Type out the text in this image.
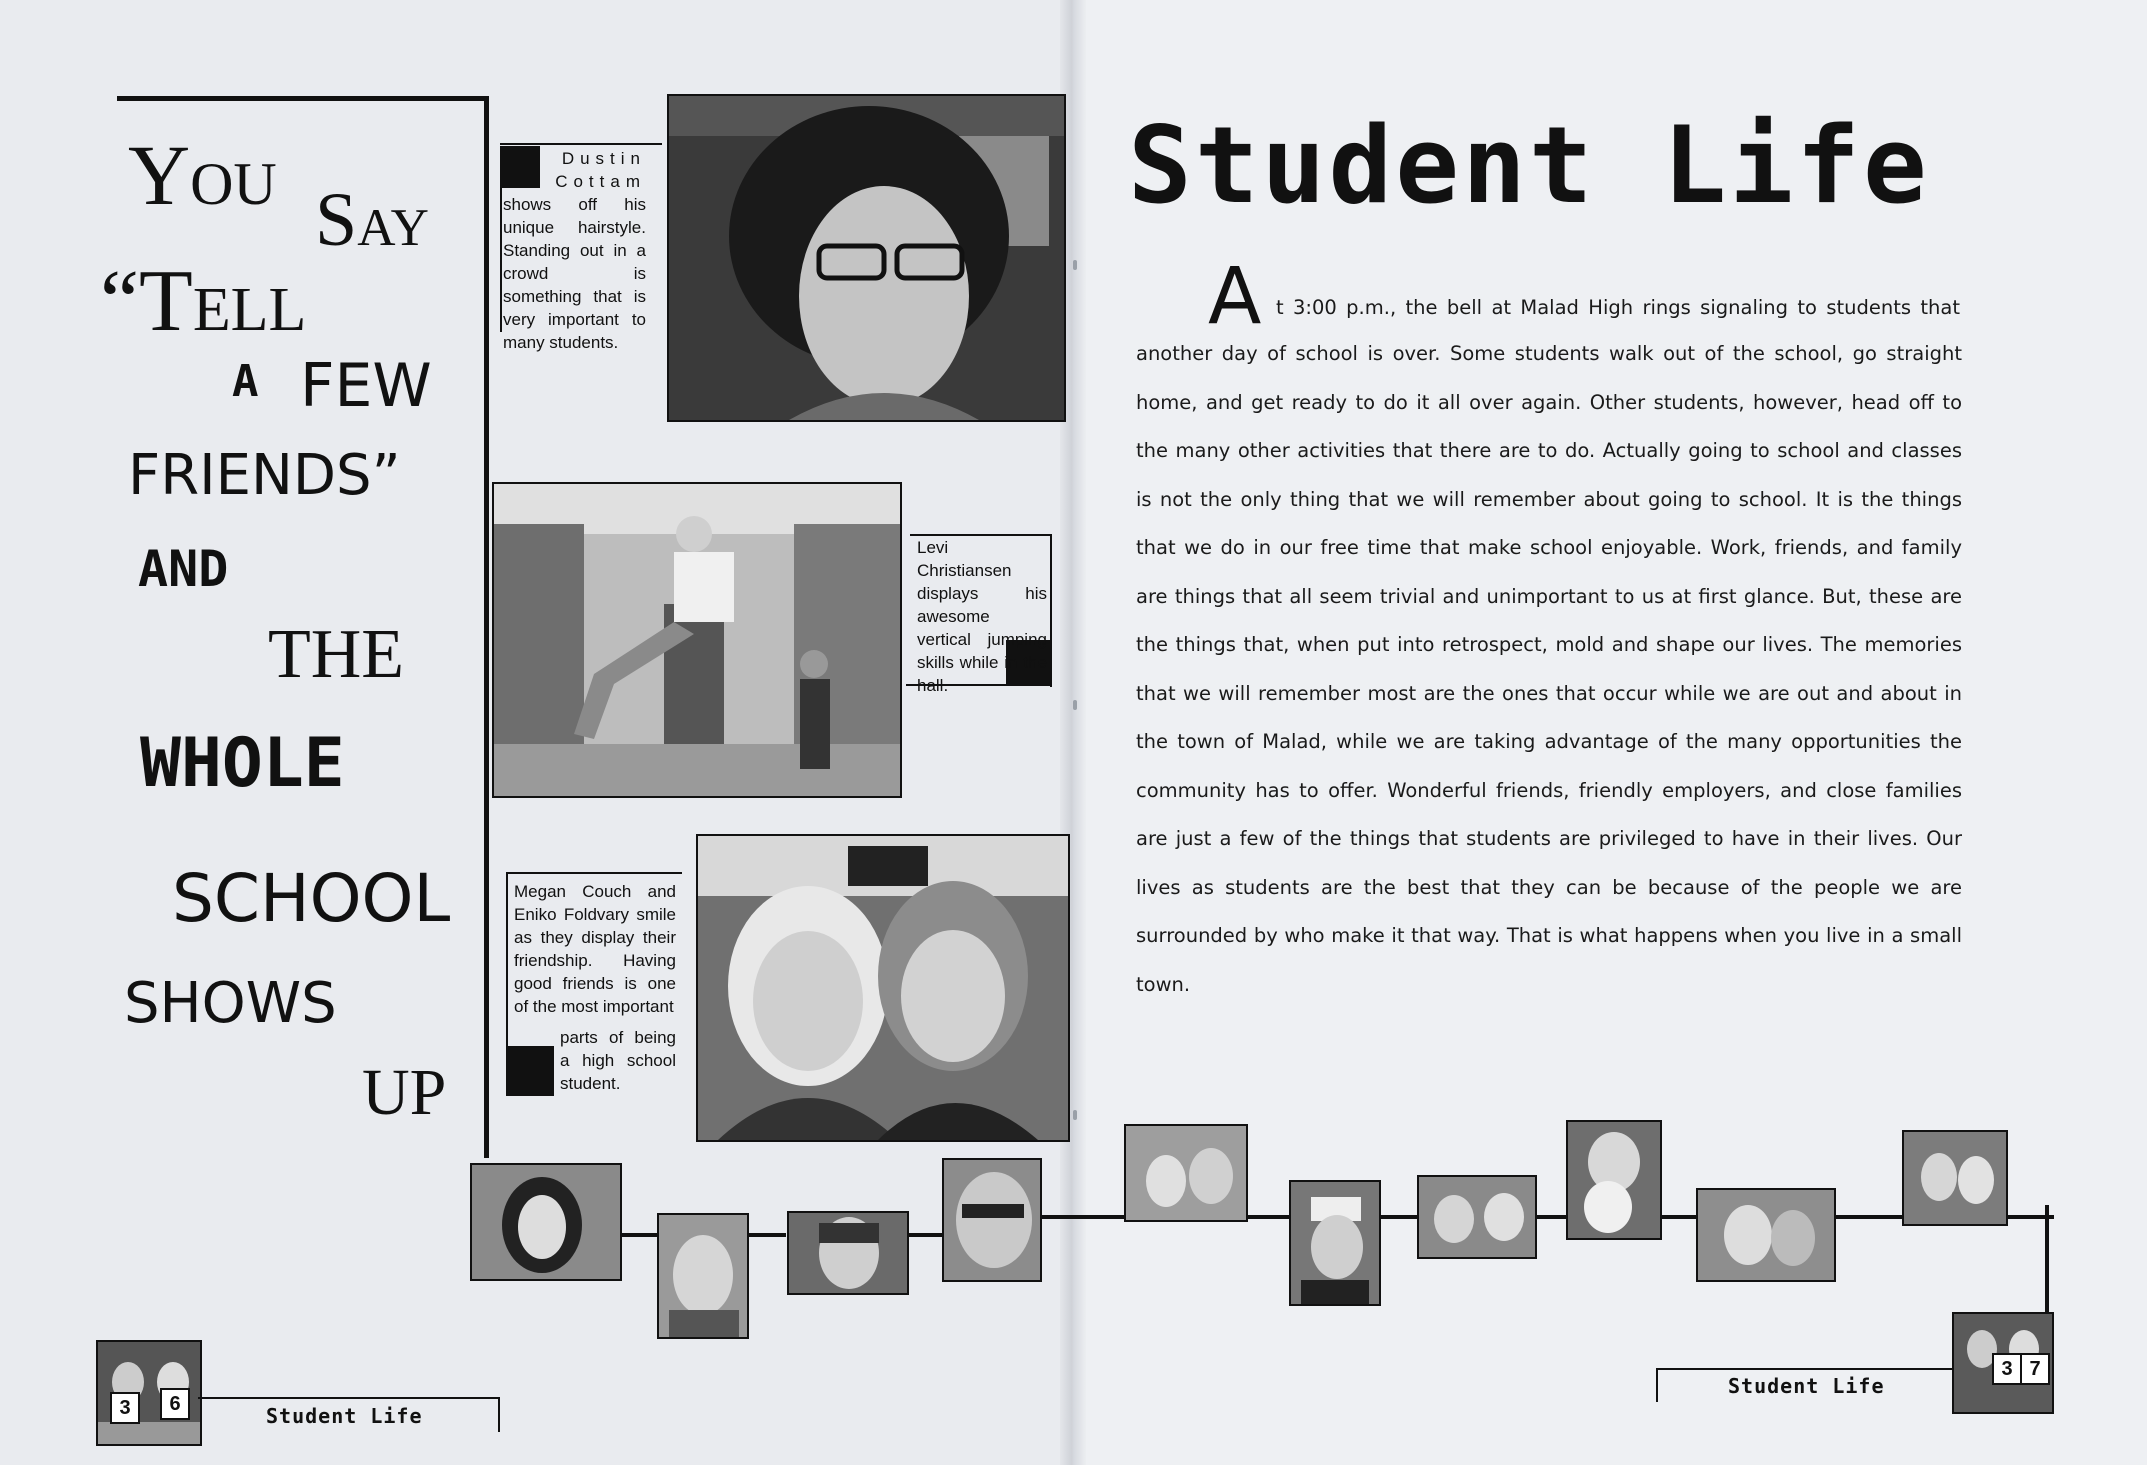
You Say
“Tell
A FEW
FRIENDS”
AND
THE
WHOLE
SCHOOL
SHOWS
UP
Dustin
Cottam
shows off his unique hairstyle. Standing out in a crowd is something that is very important to many students.
Levi Christiansen displays his awesome vertical jumping skills while in the hall.
Megan Couch and Eniko Foldvary smile as they display their friendship. Having good friends is one of the most important
parts of being a high school student.
Student Life
A t 3:00 p.m., the bell at Malad High rings signaling to students that
another day of school is over. Some students walk out of the school, go straight home, and get ready to do it all over again. Other students, however, head off to the many other activities that there are to do. Actually going to school and classes is not the only thing that we will remember about going to school. It is the things that we do in our free time that make school enjoyable. Work, friends, and family are things that all seem trivial and unimportant to us at first glance. But, these are the things that, when put into retrospect, mold and shape our lives. The memories that we will remember most are the ones that occur while we are out and about in the town of Malad, while we are taking advantage of the many opportunities the community has to offer. Wonderful friends, friendly employers, and close families are just a few of the things that students are privileged to have in their lives. Our lives as students are the best that they can be because of the people we are surrounded by who make it that way. That is what happens when you live in a small town.
3	6	Student Life
3 7
Student Life
